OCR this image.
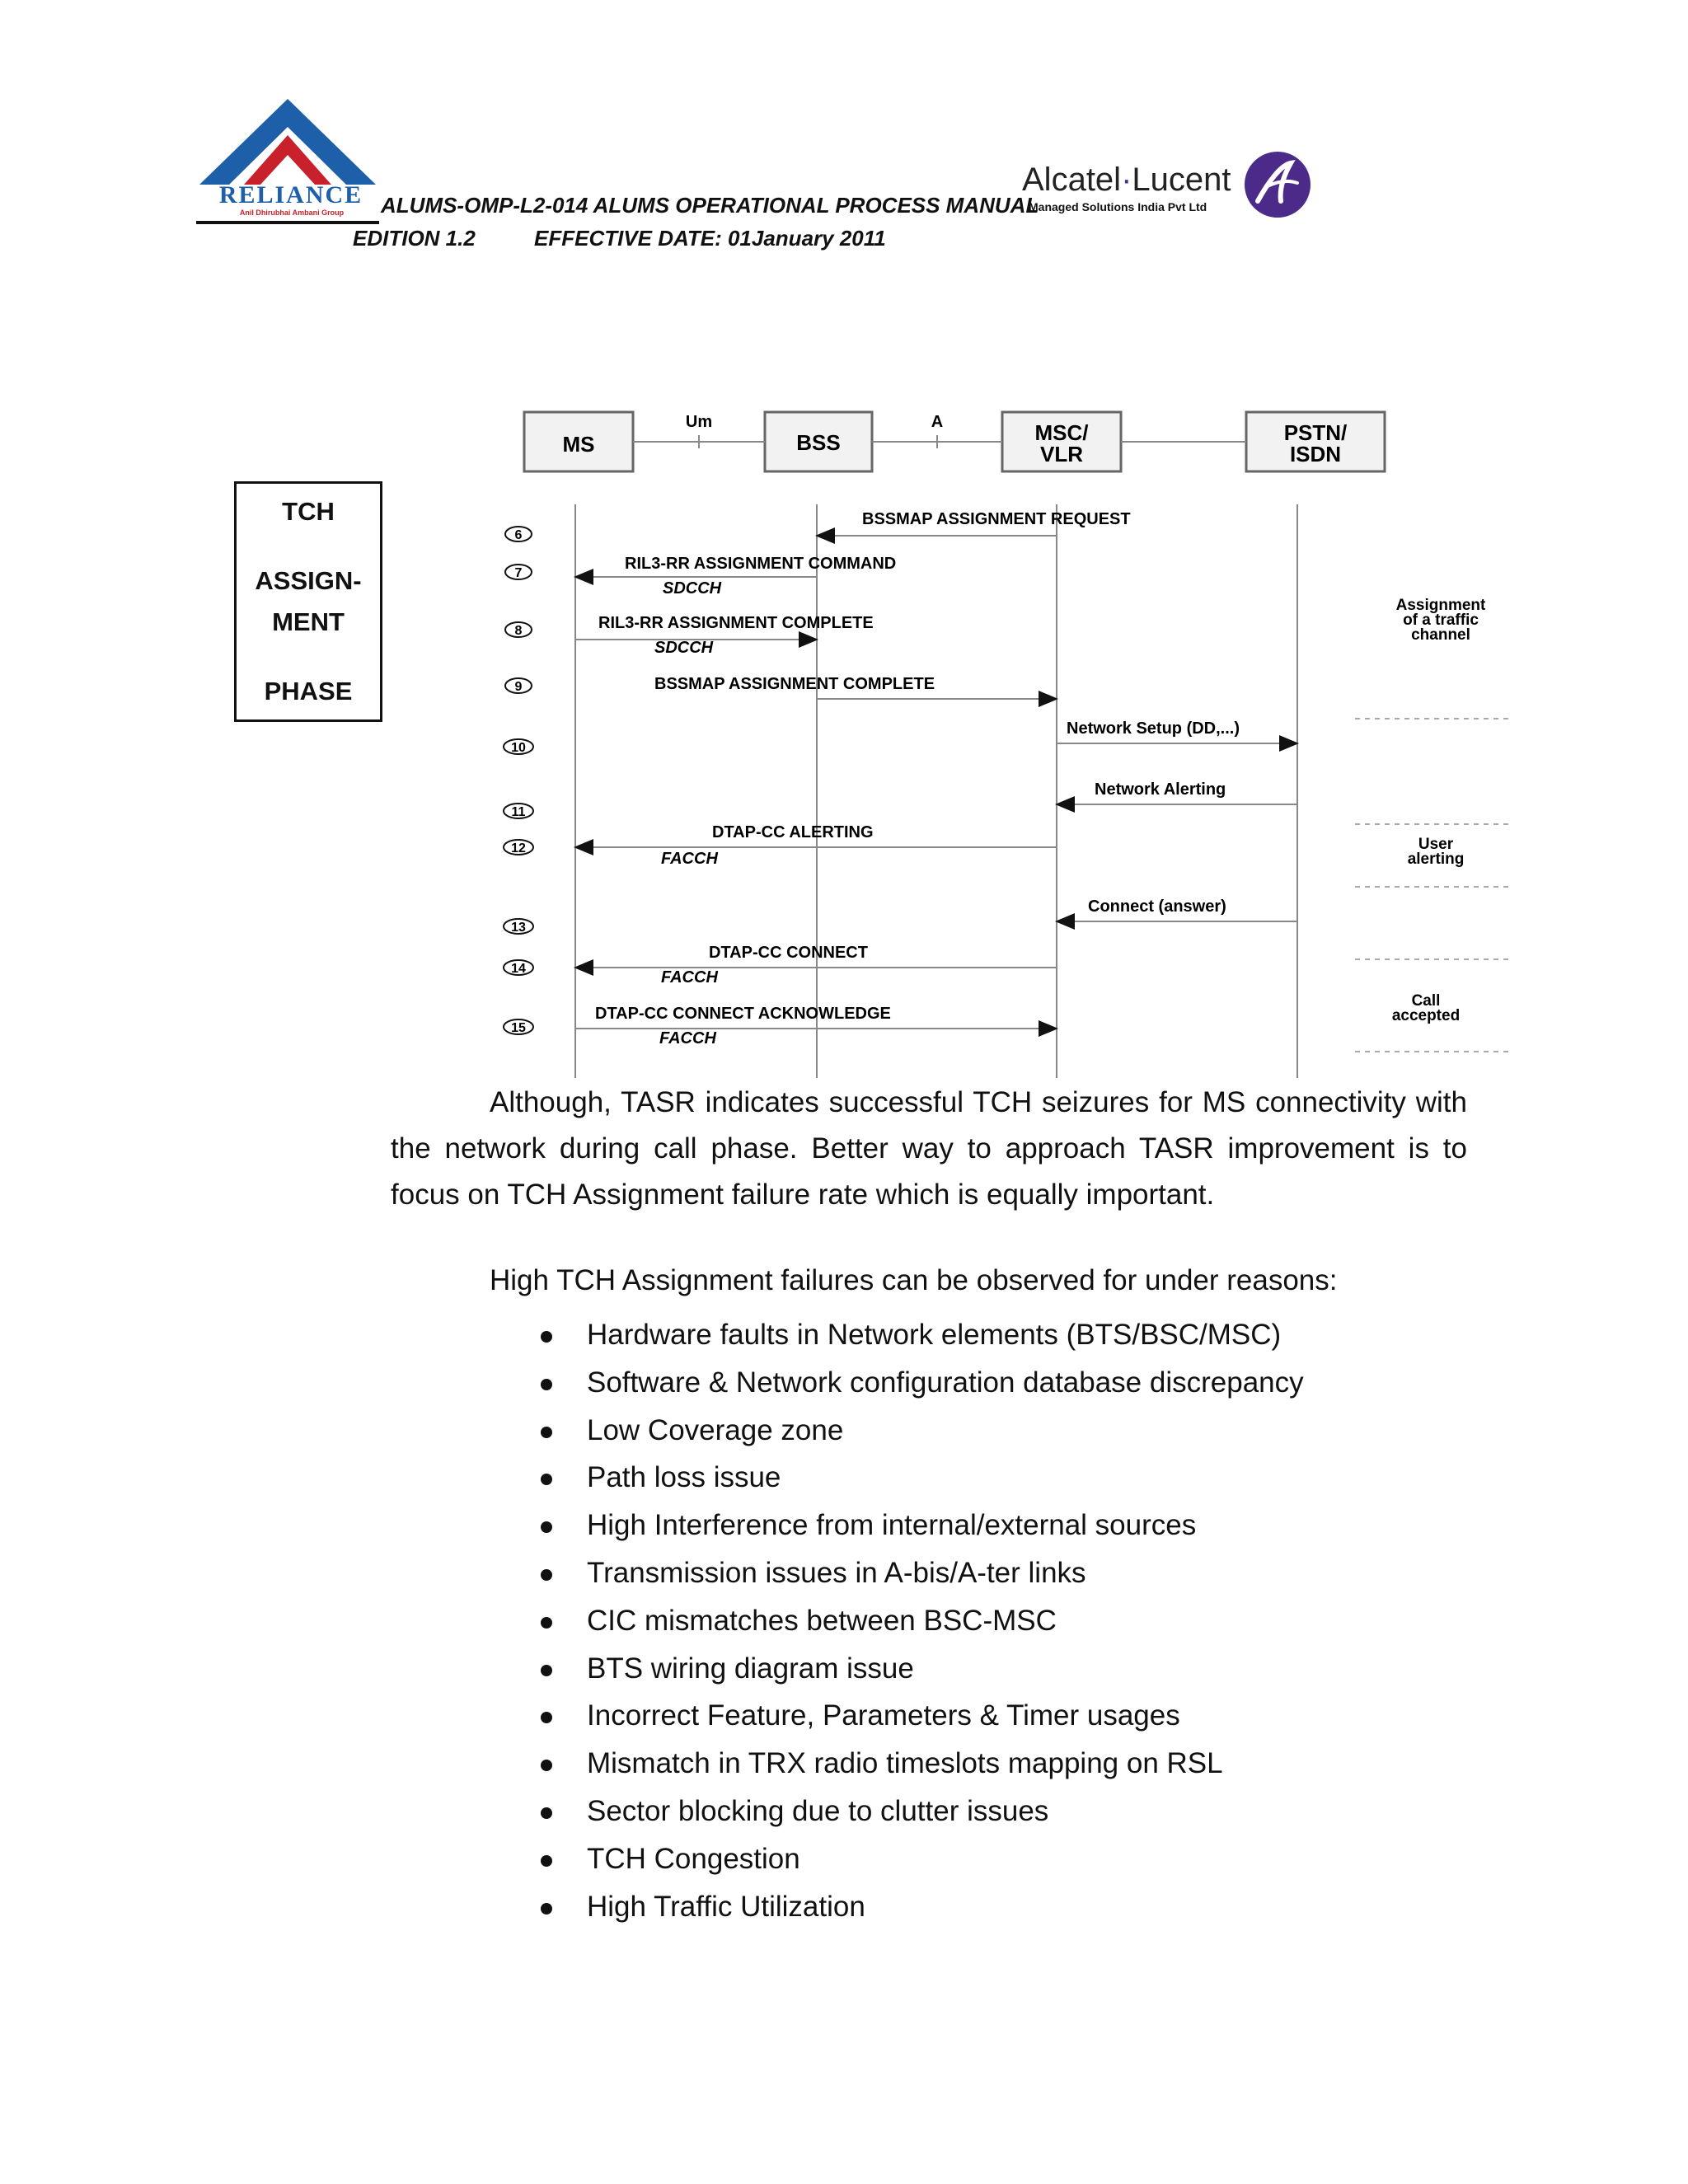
RELIANCE
Anil Dhirubhai Ambani Group	ALUMS-OMP-L2-014 ALUMS OPERATIONAL PROCESS MANUAL
EDITION 1.2	EFFECTIVE DATE: 01January 2011
Alcatel·Lucent
Managed Solutions India Pvt Ltd
TCH
ASSIGN-
MENT
PHASE
MS	BSS	MSC/
VLR
PSTN/
ISDN
Um	A
6
7
8
9
10
11
12
13
14
15
BSSMAP ASSIGNMENT REQUEST
RIL3-RR ASSIGNMENT COMMAND
SDCCH
RIL3-RR ASSIGNMENT COMPLETE
SDCCH
BSSMAP ASSIGNMENT COMPLETE
Network Setup (DD,...)
Network Alerting
DTAP-CC ALERTING
FACCH
Connect (answer)
DTAP-CC CONNECT
FACCH
DTAP-CC CONNECT ACKNOWLEDGE
FACCH
Assignment
of a traffic
channel
User
alerting
Call
accepted
Although, TASR indicates successful TCH seizures for MS connectivity with the network during call phase. Better way to approach TASR improvement is to focus on TCH Assignment failure rate which is equally important.
High TCH Assignment failures can be observed for under reasons:
Hardware faults in Network elements (BTS/BSC/MSC)
Software & Network configuration database discrepancy
Low Coverage zone
Path loss issue
High Interference from internal/external sources
Transmission issues in A-bis/A-ter links
CIC mismatches between BSC-MSC
BTS wiring diagram issue
Incorrect Feature, Parameters & Timer usages
Mismatch in TRX radio timeslots mapping on RSL
Sector blocking due to clutter issues
TCH Congestion
High Traffic Utilization
